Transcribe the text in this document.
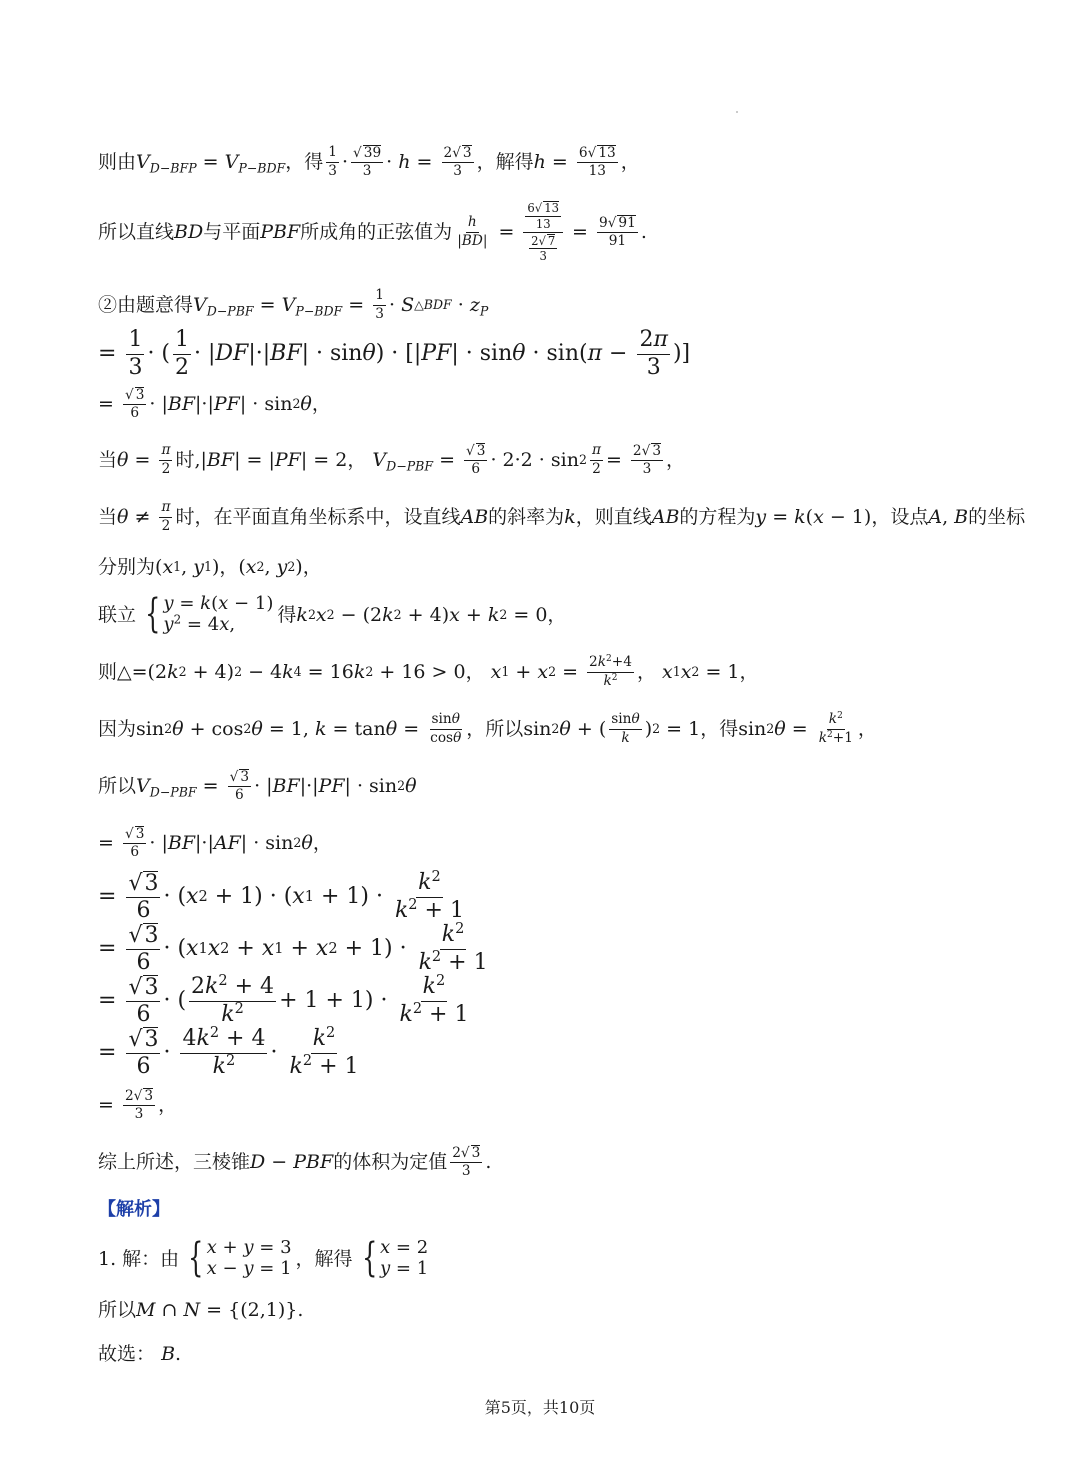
则由 $V_{D-BFP} = V_{P-BDF}$ ，得 $\frac{1}{3} \cdot \frac{√ 39}{3} \cdot h = \frac{2√ 3}{3}$ ，解得 $h = \frac{6√ 13}{13}$ ，
所以直线 BD 与平面 PBF 所成角的正弦值为 $\frac{h}{|BD|} = \frac{\frac{6√ 13}{13}}{\frac{2√ 7}{3}} = \frac{9√ 91}{91}$ .
②由题意得 $V_{D-PBF} = V_{P-BDF} = \frac{1}{3} \cdot S$ △BDF · $z_P$
= $\frac{1}{3}$ · ( $\frac{1}{2}$ · | DF |·| BF | · sin θ ) · [| PF | · sin θ · sin( $\pi - \frac{2\pi}{3}$ )]
= $\frac{√ 3}{6}$ · | BF |·| PF | · sin 2 θ ，
当 $\theta = \frac{\pi}{2}$ 时, | BF | = | PF | = 2 ，
$V_{D-PBF} = \frac{√ 3}{6} \cdot 2\cdot 2 \cdot \sin 2 \frac{\pi}{2} = \frac{2√ 3}{3}$ ，
当 $\theta \ne \frac{\pi}{2}$ 时，在平面直角坐标系中，设直线 AB 的斜率为 k ，则直线 AB 的方程为 y = k ( x − 1) ，设点 A , B 的坐标
分别为 ( x 1 , y 1 )，( x 2 , y 2 )，
联立 { y = k(x − 1)
$y^2 = 4x$,	得 k 2 x 2 − (2 k 2 + 4) x + k 2 = 0，
则△= (2 k 2 + 4) 2 − 4 k 4 = 16 k 2 + 16 > 0， x 1 + x $2 = \frac{2k^2+4}{k^2}$ ， x 1 x 2 = 1，
因为 sin 2 θ + cos 2 θ = 1, $k = \tan \theta = \frac{\sin\theta}{\cos\theta}$ ，所以 sin 2 θ + ( $\frac{\sin\theta}{k}$ ) 2 = 1 ，得 sin 2 $\theta = \frac{k^2}{k^2+1}$ ，
所以 $V_{D-PBF} = \frac{√ 3}{6}$ · | BF |·| PF | · sin 2 θ
= $\frac{√ 3}{6}$ · | BF |·| AF | · sin 2 θ ，
= $\frac{√3}{6}$ · ( x 2 + 1) · ( x $1 + 1) \cdot \frac{k^2}{k^2 + 1}$
= $\frac{√3}{6}$ · ( x 1 x 2 + x 1 + x $2 + 1) \cdot \frac{k^2}{k^2 + 1}$
= $\frac{√3}{6}$ · ( $\frac{2k^2 + 4}{k^2} + 1 + 1) \cdot \frac{k^2}{k^2 + 1}$
= $\frac{√3}{6} \cdot \frac{4k^2 + 4}{k^2} \cdot \frac{k^2}{k^2 + 1}$
= $\frac{2√ 3}{3}$ ，
综上所述，三棱锥 D − PBF 的体积为定值 $\frac{2√ 3}{3}$ .
【解析】
1. 解：由 { x + y = 3
x − y = 1 ，解得 { x = 2
y = 1
所以 M ∩ N = {(2,1)}.
故选：
B .
第5页，共10页
